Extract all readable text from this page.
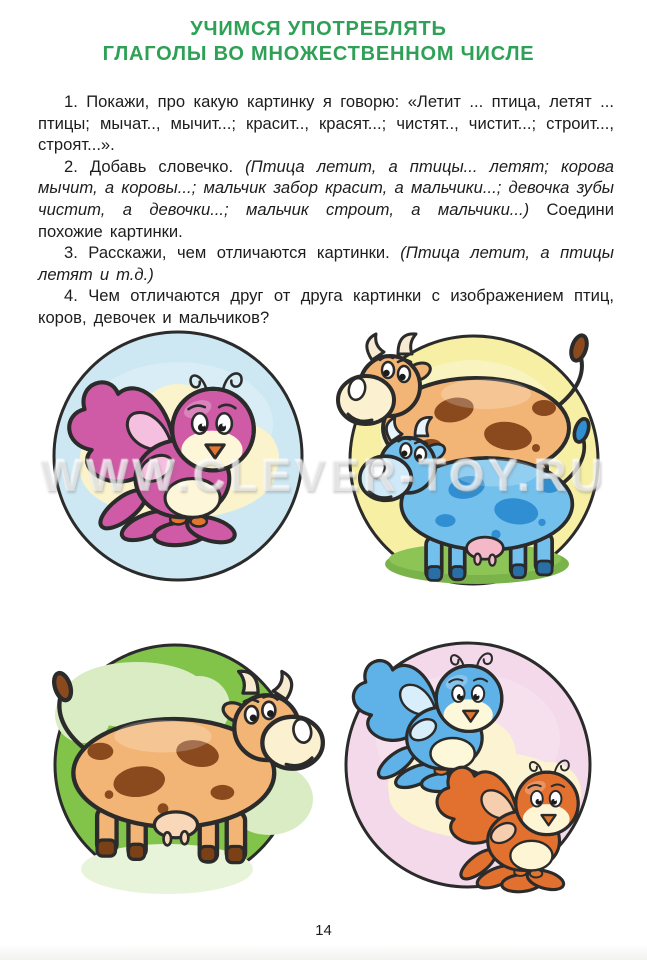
УЧИМСЯ УПОТРЕБЛЯТЬ
ГЛАГОЛЫ ВО МНОЖЕСТВЕННОМ ЧИСЛЕ

1. Покажи, про какую картинку я говорю: «Летит ... птица, летят ... птицы; мычат.., мычит...; красит.., красят...; чистят.., чистит...; строит..., строят...».

2. Добавь словечко. (Птица летит, а птицы... летят; корова мычит, а коровы...; мальчик забор красит, а мальчики...; девочка зубы чистит, а девочки...; мальчик строит, а мальчики...) Соедини похожие картинки.

3. Расскажи, чем отличаются картинки. (Птица летит, а птицы летят и т.д.)

4. Чем отличаются друг от друга картинки с изображением птиц, коров, девочек и мальчиков?

WWW.CLEVER-TOY.RU
14
